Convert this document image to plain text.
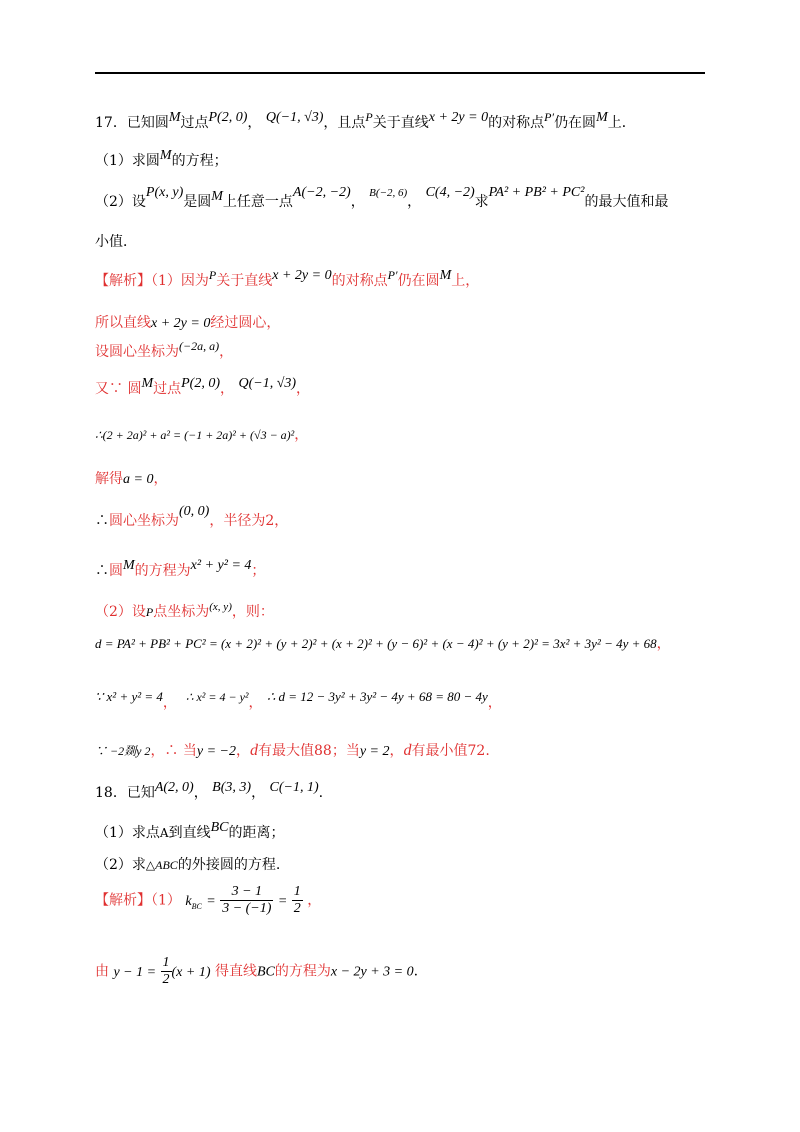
17．已知圆M过点P(2, 0)， Q(−1, √3)，且点P关于直线x + 2y = 0的对称点P′仍在圆M上．
（1）求圆M的方程；
（2）设P(x, y)是圆M上任意一点A(−2, −2)， $^{B(-2, 6)}$， C(4, −2)求PA² + PB² + PC²的最大值和最
小值．
【解析】（1）因为P关于直线x + 2y = 0的对称点P′仍在圆M上，
所以直线x + 2y = 0经过圆心，
设圆心坐标为(−2a, a)，
又∵ 圆M过点P(2, 0)， Q(−1, √3)，
∴(2 + 2a)² + a² = (−1 + 2a)² + (√3 − a)²，
解得a = 0，
∴圆心坐标为(0, 0)，半径为2，
∴圆M的方程为x² + y² = 4；
（2）设P点坐标为$^{(x, y)}$，则：
d = PA² + PB² + PC² = (x + 2)² + (y + 2)² + (x + 2)² + (y − 6)² + (x − 4)² + (y + 2)² = 3x² + 3y² − 4y + 68，
∵ x² + y² = 4， ∴ x² = 4 − y²， ∴ d = 12 − 3y² + 3y² − 4y + 68 = 80 − 4y，
∵ −2剟y 2，∴ 当y = −2，d有最大值88；当y = 2，d有最小值72.
18．已知A(2, 0)， B(3, 3)， C(−1, 1).
（1）求点A到直线BC的距离；
（2）求△ABC的外接圆的方程.
【解析】（1） $k_{BC} = \frac{3 - 1}{3 - (-1)} = \frac{1}{2}$ ，
由 $y - 1 = \frac{1}{2} (x + 1)$ 得直线BC的方程为x − 2y + 3 = 0.
